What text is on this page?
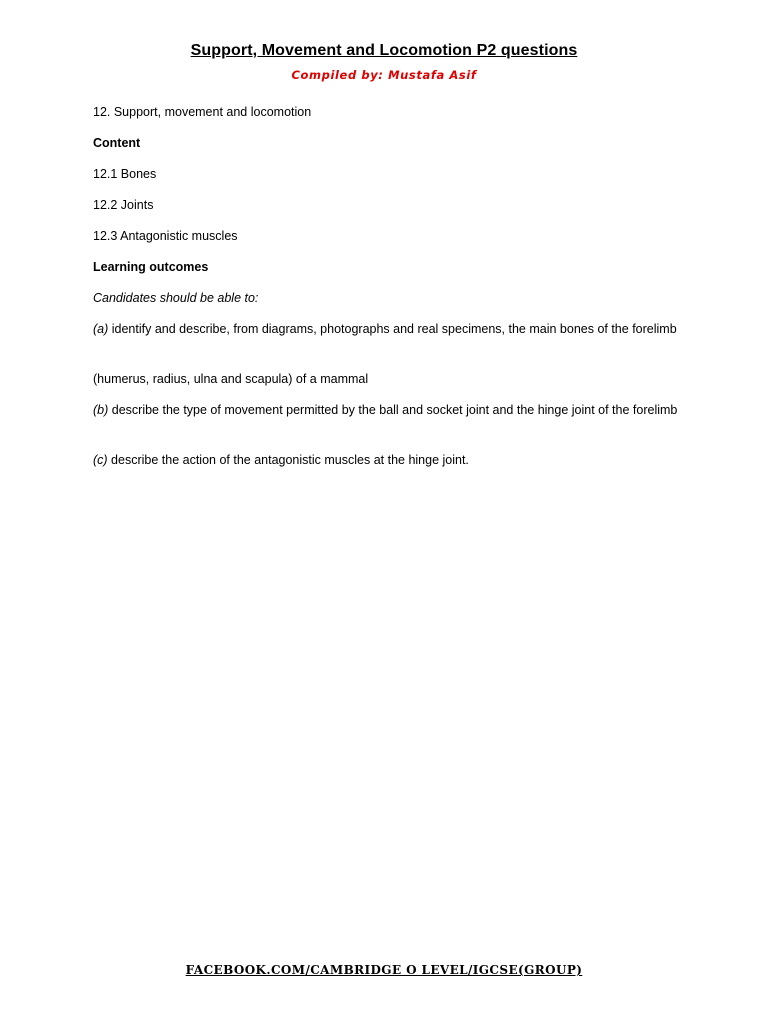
Support, Movement and Locomotion P2 questions
Compiled by: Mustafa Asif

12. Support, movement and locomotion

Content

12.1 Bones

12.2 Joints

12.3 Antagonistic muscles

Learning outcomes

Candidates should be able to:

(a) identify and describe, from diagrams, photographs and real specimens, the main bones of the forelimb

(humerus, radius, ulna and scapula) of a mammal

(b) describe the type of movement permitted by the ball and socket joint and the hinge joint of the forelimb

(c) describe the action of the antagonistic muscles at the hinge joint.

FACEBOOK.COM/CAMBRIDGE O LEVEL/IGCSE(GROUP)
